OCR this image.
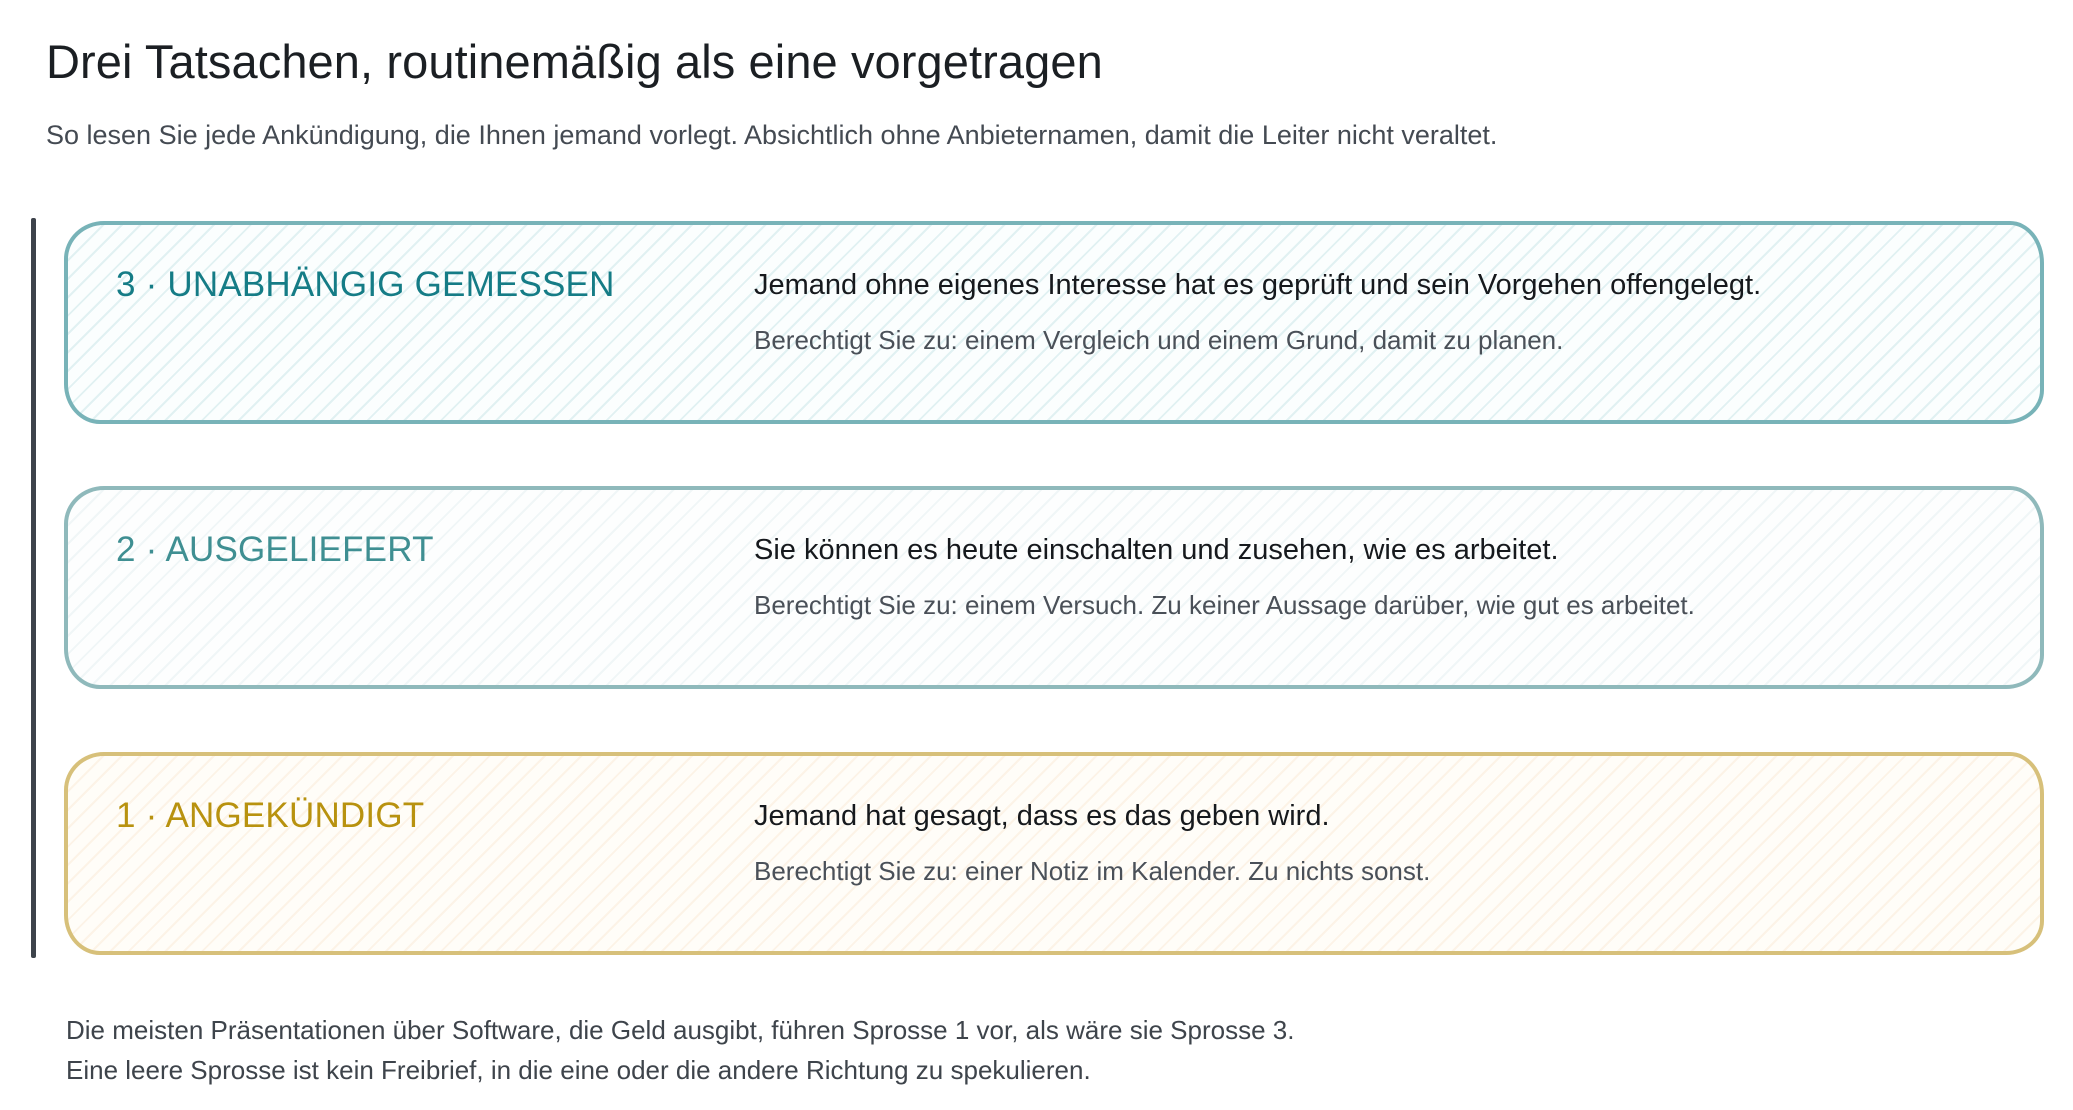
Drei Tatsachen, routinemäßig als eine vorgetragen

So lesen Sie jede Ankündigung, die Ihnen jemand vorlegt. Absichtlich ohne Anbieternamen, damit die Leiter nicht veraltet.

3 · UNABHÄNGIG GEMESSEN	Jemand ohne eigenes Interesse hat es geprüft und sein Vorgehen offengelegt.

Berechtigt Sie zu: einem Vergleich und einem Grund, damit zu planen.

2 · AUSGELIEFERT	Sie können es heute einschalten und zusehen, wie es arbeitet.

Berechtigt Sie zu: einem Versuch. Zu keiner Aussage darüber, wie gut es arbeitet.

1 · ANGEKÜNDIGT	Jemand hat gesagt, dass es das geben wird.

Berechtigt Sie zu: einer Notiz im Kalender. Zu nichts sonst.

Die meisten Präsentationen über Software, die Geld ausgibt, führen Sprosse 1 vor, als wäre sie Sprosse 3.
Eine leere Sprosse ist kein Freibrief, in die eine oder die andere Richtung zu spekulieren.
